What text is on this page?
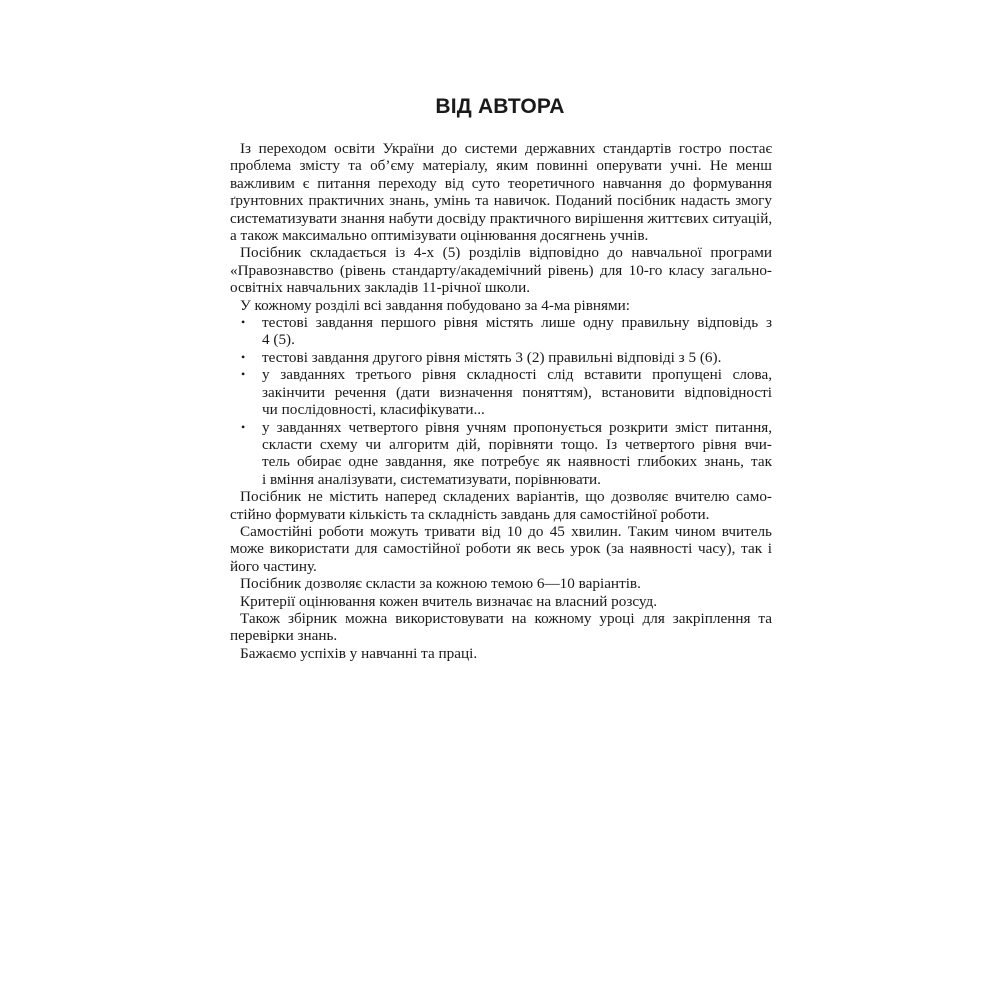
ВІД АВТОРА

Із переходом освіти України до системи державних стандартів гостро постає
проблема змісту та об’єму матеріалу, яким повинні оперувати учні. Не менш
важливим є питання переходу від суто теоретичного навчання до формування
ґрунтовних практичних знань, умінь та навичок. Поданий посібник надасть змогу
систематизувати знання набути досвіду практичного вирішення життєвих ситуацій,
а також максимально оптимізувати оцінювання досягнень учнів.

Посібник складається із 4-х (5) розділів відповідно до навчальної програми
«Правознавство (рівень стандарту/академічний рівень) для 10-го класу загально-
освітніх навчальних закладів 11-річної школи.

У кожному розділі всі завдання побудовано за 4-ма рівнями:

• тестові завдання першого рівня містять лише одну правильну відповідь з
4 (5).
• тестові завдання другого рівня містять 3 (2) правильні відповіді з 5 (6).
• у завданнях третього рівня складності слід вставити пропущені слова,
закінчити речення (дати визначення поняттям), встановити відповідності
чи послідовності, класифікувати...
• у завданнях четвертого рівня учням пропонується розкрити зміст питання,
скласти схему чи алгоритм дій, порівняти тощо. Із четвертого рівня вчи-
тель обирає одне завдання, яке потребує як наявності глибоких знань, так
і вміння аналізувати, систематизувати, порівнювати.

Посібник не містить наперед складених варіантів, що дозволяє вчителю само-
стійно формувати кількість та складність завдань для самостійної роботи.

Самостійні роботи можуть тривати від 10 до 45 хвилин. Таким чином вчитель
може використати для самостійної роботи як весь урок (за наявності часу), так і
його частину.

Посібник дозволяє скласти за кожною темою 6—10 варіантів.

Критерії оцінювання кожен вчитель визначає на власний розсуд.

Також збірник можна використовувати на кожному уроці для закріплення та
перевірки знань.

Бажаємо успіхів у навчанні та праці.
